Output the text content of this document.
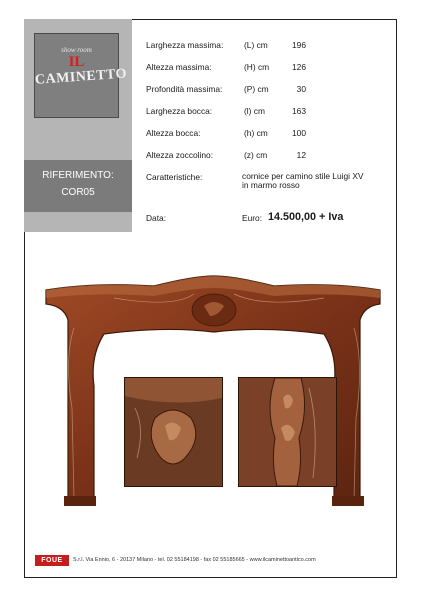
show room
IL
CAMINETTO
RIFERIMENTO:
COR05
Larghezza massima: (L) cm	196
Altezza massima:	(H) cm	126
Profondità massima:	(P) cm	30
Larghezza bocca:	(l) cm	163
Altezza bocca:	(h) cm	100
Altezza zoccolino:	(z) cm	12
Caratteristiche:	cornice per camino stile Luigi XV
in marmo rosso
Data:	Euro: 14.500,00 + Iva
FOUE	S.r.l. Via Ennio, 6 - 20137 Milano - tel. 02 55184198 - fax 02 55185665 - www.ilcaminettoantico.com
